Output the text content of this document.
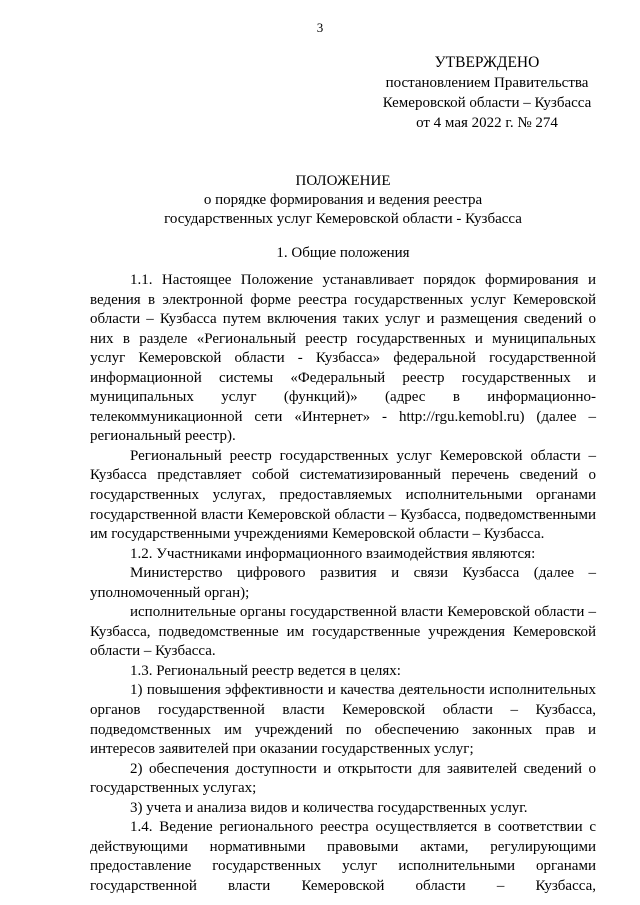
3
УТВЕРЖДЕНО
постановлением Правительства
Кемеровской области – Кузбасса
от 4 мая 2022 г. № 274
ПОЛОЖЕНИЕ
о порядке формирования и ведения реестра
государственных услуг Кемеровской области - Кузбасса
1. Общие положения

1.1. Настоящее Положение устанавливает порядок формирования и ведения в электронной форме реестра государственных услуг Кемеровской области – Кузбасса путем включения таких услуг и размещения сведений о них в разделе «Региональный реестр государственных и муниципальных услуг Кемеровской области - Кузбасса» федеральной государственной информационной системы «Федеральный реестр государственных и муниципальных услуг (функций)» (адрес в информационно-телекоммуникационной сети «Интернет» - http://rgu.kemobl.ru) (далее – региональный реестр).

Региональный реестр государственных услуг Кемеровской области – Кузбасса представляет собой систематизированный перечень сведений о государственных услугах, предоставляемых исполнительными органами государственной власти Кемеровской области – Кузбасса, подведомственными им государственными учреждениями Кемеровской области – Кузбасса.

1.2. Участниками информационного взаимодействия являются:

Министерство цифрового развития и связи Кузбасса (далее – уполномоченный орган);

исполнительные органы государственной власти Кемеровской области – Кузбасса, подведомственные им государственные учреждения Кемеровской области – Кузбасса.

1.3. Региональный реестр ведется в целях:

1) повышения эффективности и качества деятельности исполнительных органов государственной власти Кемеровской области – Кузбасса, подведомственных им учреждений по обеспечению законных прав и интересов заявителей при оказании государственных услуг;

2) обеспечения доступности и открытости для заявителей сведений о государственных услугах;

3) учета и анализа видов и количества государственных услуг.

1.4. Ведение регионального реестра осуществляется в соответствии с действующими нормативными правовыми актами, регулирующими предоставление государственных услуг исполнительными органами государственной власти Кемеровской области – Кузбасса,
